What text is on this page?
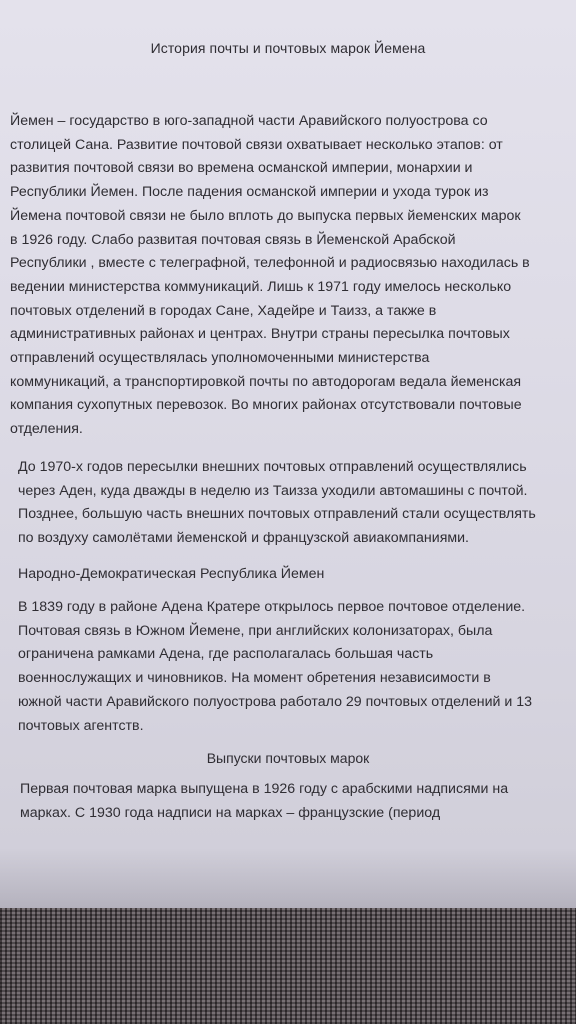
История почты и почтовых марок Йемена
Йемен – государство в юго-западной части Аравийского полуострова со
столицей Сана. Развитие почтовой связи охватывает несколько этапов: от
развития почтовой связи во времена османской империи, монархии и
Республики Йемен. После падения османской империи и ухода турок из
Йемена почтовой связи не было вплоть до выпуска первых йеменских марок
в 1926 году. Слабо развитая почтовая связь в Йеменской Арабской
Республики , вместе с телеграфной, телефонной и радиосвязью находилась в
ведении министерства коммуникаций. Лишь к 1971 году имелось несколько
почтовых отделений в городах Сане, Хадейре и Таизз, а также в
административных районах и центрах. Внутри страны пересылка почтовых
отправлений осуществлялась уполномоченными министерства
коммуникаций, а транспортировкой почты по автодорогам ведала йеменская
компания сухопутных перевозок. Во многих районах отсутствовали почтовые
отделения.
До 1970-х годов пересылки внешних почтовых отправлений осуществлялись
через Аден, куда дважды в неделю из Таизза уходили автомашины с почтой.
Позднее, большую часть внешних почтовых отправлений стали осуществлять
по воздуху самолётами йеменской и французской авиакомпаниями.
Народно-Демократическая Республика Йемен
В 1839 году в районе Адена Кратере открылось первое почтовое отделение.
Почтовая связь в Южном Йемене, при английских колонизаторах, была
ограничена рамками Адена, где располагалась большая часть
военнослужащих и чиновников. На момент обретения независимости в
южной части Аравийского полуострова работало 29 почтовых отделений и 13
почтовых агентств.
Выпуски почтовых марок
Первая почтовая марка выпущена в 1926 году с арабскими надписями на
марках. С 1930 года надписи на марках – французские (период
